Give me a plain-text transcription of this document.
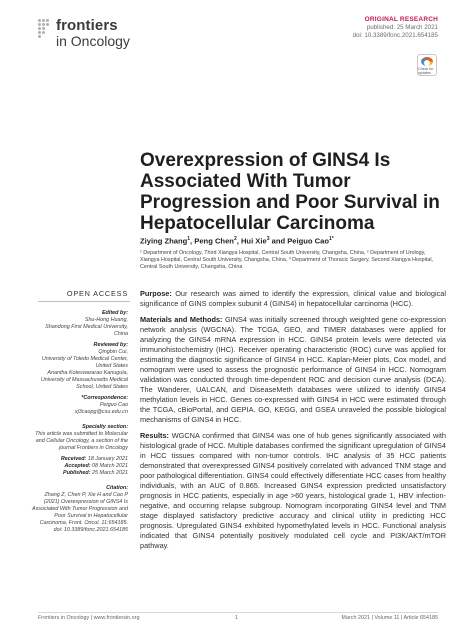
frontiers
in Oncology
ORIGINAL RESEARCH
published: 25 March 2021
doi: 10.3389/fonc.2021.654185
Check for updates
Overexpression of GINS4 Is Associated With Tumor Progression and Poor Survival in Hepatocellular Carcinoma
Ziying Zhang$^1$, Peng Chen$^2$, Hui Xie$^3$ and Peiguo Cao$^{1*}$
¹ Department of Oncology, Third Xiangya Hospital, Central South University, Changsha, China, ² Department of Urology, Xiangya Hospital, Central South University, Changsha, China, ³ Department of Thoracic Surgery, Second Xiangya Hospital, Central South University, Changsha, China
OPEN ACCESS
Edited by:
Shu-Hong Huang,
Shandong First Medical University, China
Reviewed by:
Qingbin Cui,
University of Toledo Medical Center, United States
Anantha Koteswararao Kanugula,
University of Massachusetts Medical School, United States
*Correspondence:
Peiguo Cao
xj3caopg@csu.edu.cn
Specialty section:
This article was submitted to Molecular and Cellular Oncology, a section of the journal Frontiers in Oncology
Received: 18 January 2021
Accepted: 08 March 2021
Published: 25 March 2021
Citation:
Zhang Z, Chen P, Xie H and Cao P (2021) Overexpression of GINS4 Is Associated With Tumor Progression and Poor Survival in Hepatocellular Carcinoma. Front. Oncol. 11:654185. doi: 10.3389/fonc.2021.654185

Purpose: Our research was aimed to identify the expression, clinical value and biological significance of GINS complex subunit 4 (GINS4) in hepatocellular carcinoma (HCC).

Materials and Methods: GINS4 was initially screened through weighted gene co-expression network analysis (WGCNA). The TCGA, GEO, and TIMER databases were applied for analyzing the GINS4 mRNA expression in HCC. GINS4 protein levels were detected via immunohistochemistry (IHC). Receiver operating characteristic (ROC) curve was applied for estimating the diagnostic significance of GINS4 in HCC. Kaplan-Meier plots, Cox model, and nomogram were used to assess the prognostic performance of GINS4 in HCC. Nomogram validation was conducted through time-dependent ROC and decision curve analysis (DCA). The Wanderer, UALCAN, and DiseaseMeth databases were utilized to identify GINS4 methylation levels in HCC. Genes co-expressed with GINS4 in HCC were estimated through the TCGA, cBioPortal, and GEPIA. GO, KEGG, and GSEA unraveled the possible biological mechanisms of GINS4 in HCC.

Results: WGCNA confirmed that GINS4 was one of hub genes significantly associated with histological grade of HCC. Multiple databases confirmed the significant upregulation of GINS4 in HCC tissues compared with non-tumor controls. IHC analysis of 35 HCC patients demonstrated that overexpressed GINS4 positively correlated with advanced TNM stage and poor pathological differentiation. GINS4 could effectively differentiate HCC cases from healthy individuals, with an AUC of 0.865. Increased GINS4 expression predicted unsatisfactory prognosis in HCC patients, especially in age >60 years, histological grade 1, HBV infection-negative, and occurring relapse subgroup. Nomogram incorporating GINS4 level and TNM stage displayed satisfactory predictive accuracy and clinical utility in predicting HCC prognosis. Upregulated GINS4 exhibited hypomethylated levels in HCC. Functional analysis indicated that GINS4 potentially positively modulated cell cycle and PI3K/AKT/mTOR pathway.

Frontiers in Oncology | www.frontiersin.org	1	March 2021 | Volume 11 | Article 654185
